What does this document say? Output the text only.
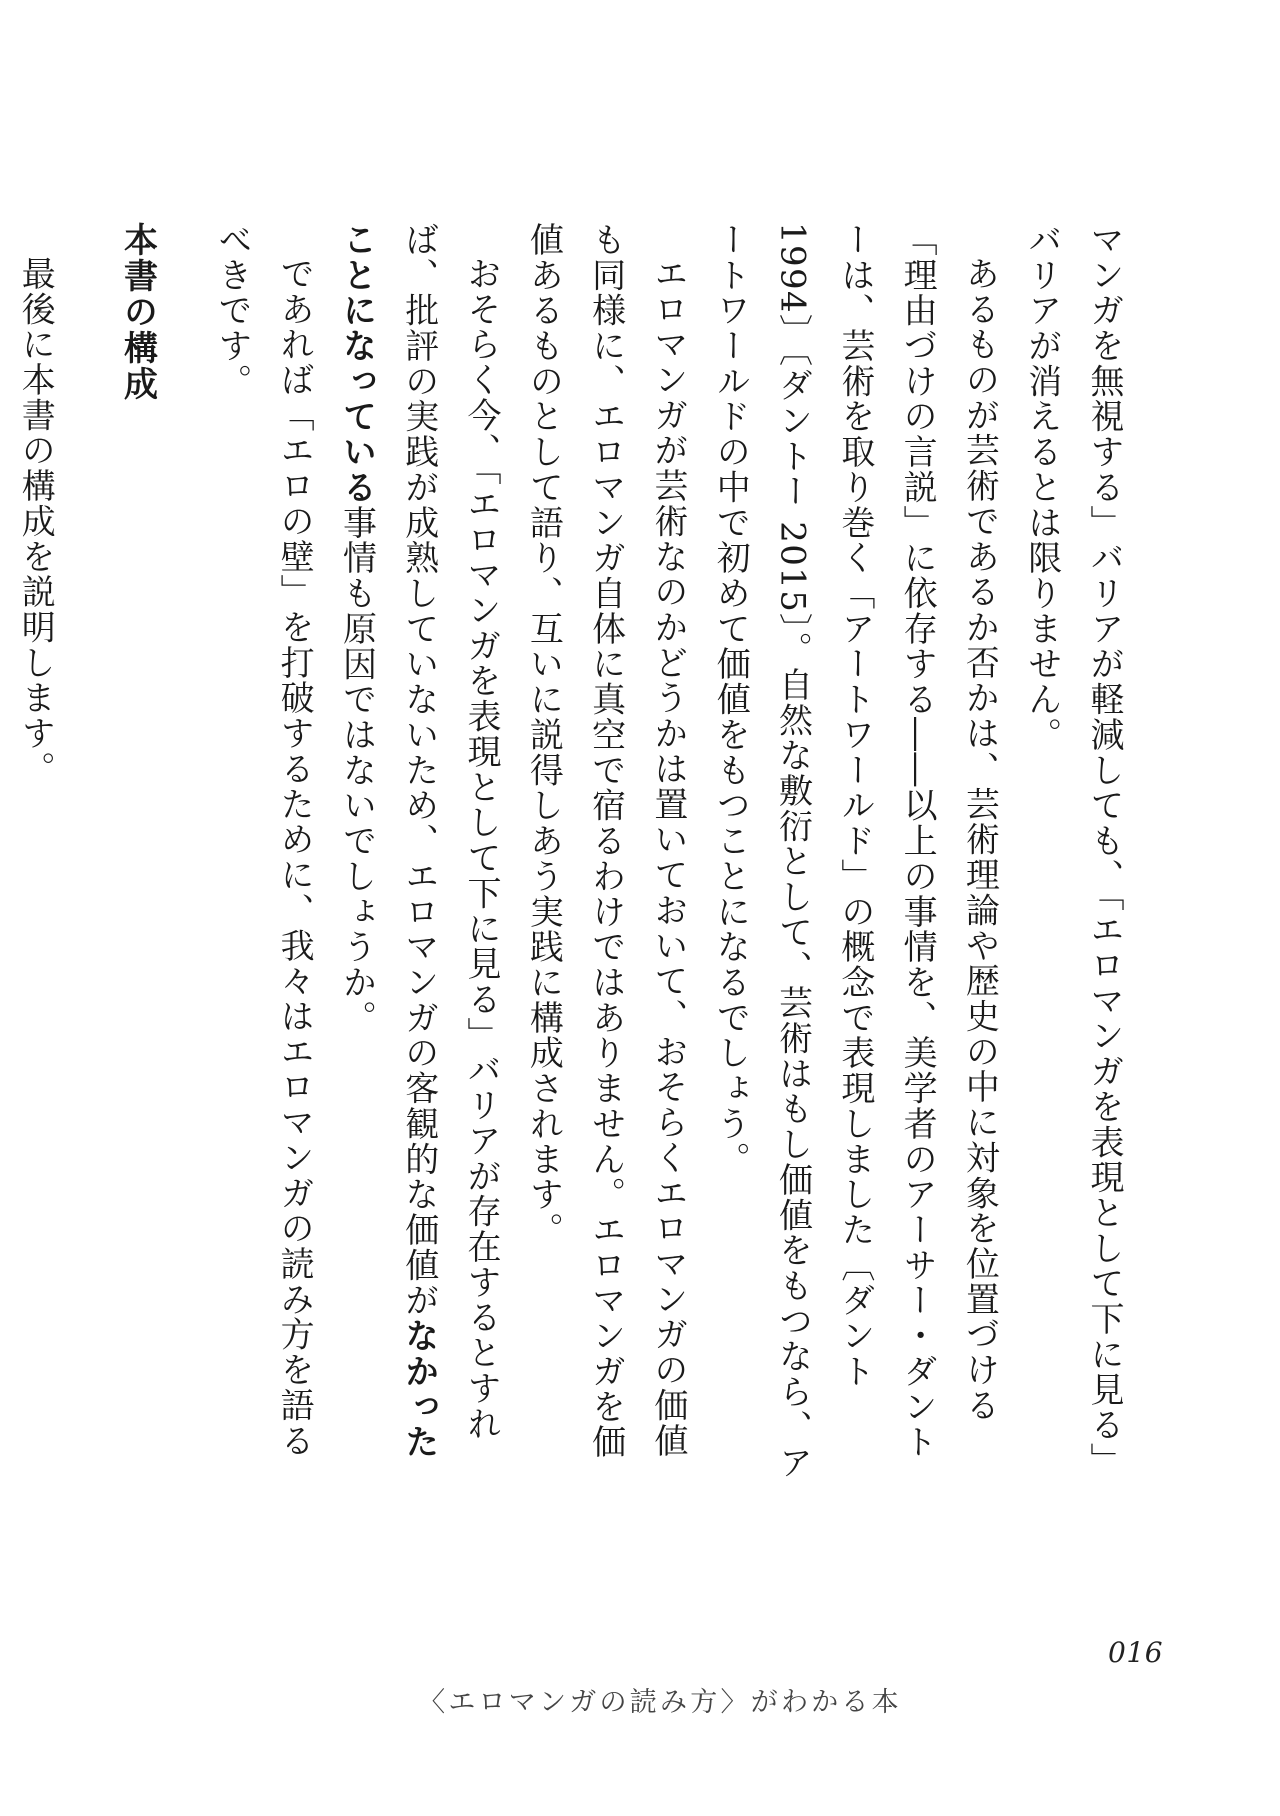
マンガを無視する」バリアが軽減しても、「エロマンガを表現として下に見る」バリアが消えるとは限りません。

あるものが芸術であるか否かは、芸術理論や歴史の中に対象を位置づける「理由づけの言説」に依存する――以上の事情を、美学者のアーサー・ダントーは、芸術を取り巻く「アートワールド」の概念で表現しました〔ダント 1994〕〔ダントー 2015〕。自然な敷衍として、芸術はもし価値をもつなら、アートワールドの中で初めて価値をもつことになるでしょう。

エロマンガが芸術なのかどうかは置いておいて、おそらくエロマンガの価値も同様に、エロマンガ自体に真空で宿るわけではありません。エロマンガを価値あるものとして語り、互いに説得しあう実践に構成されます。

おそらく今、「エロマンガを表現として下に見る」バリアが存在するとすれば、批評の実践が成熟していないため、エロマンガの客観的な価値がなかったことになっている事情も原因ではないでしょうか。

であれば「エロの壁」を打破するために、我々はエロマンガの読み方を語るべきです。

本書の構成

最後に本書の構成を説明します。

016
〈エロマンガの読み方〉がわかる本
